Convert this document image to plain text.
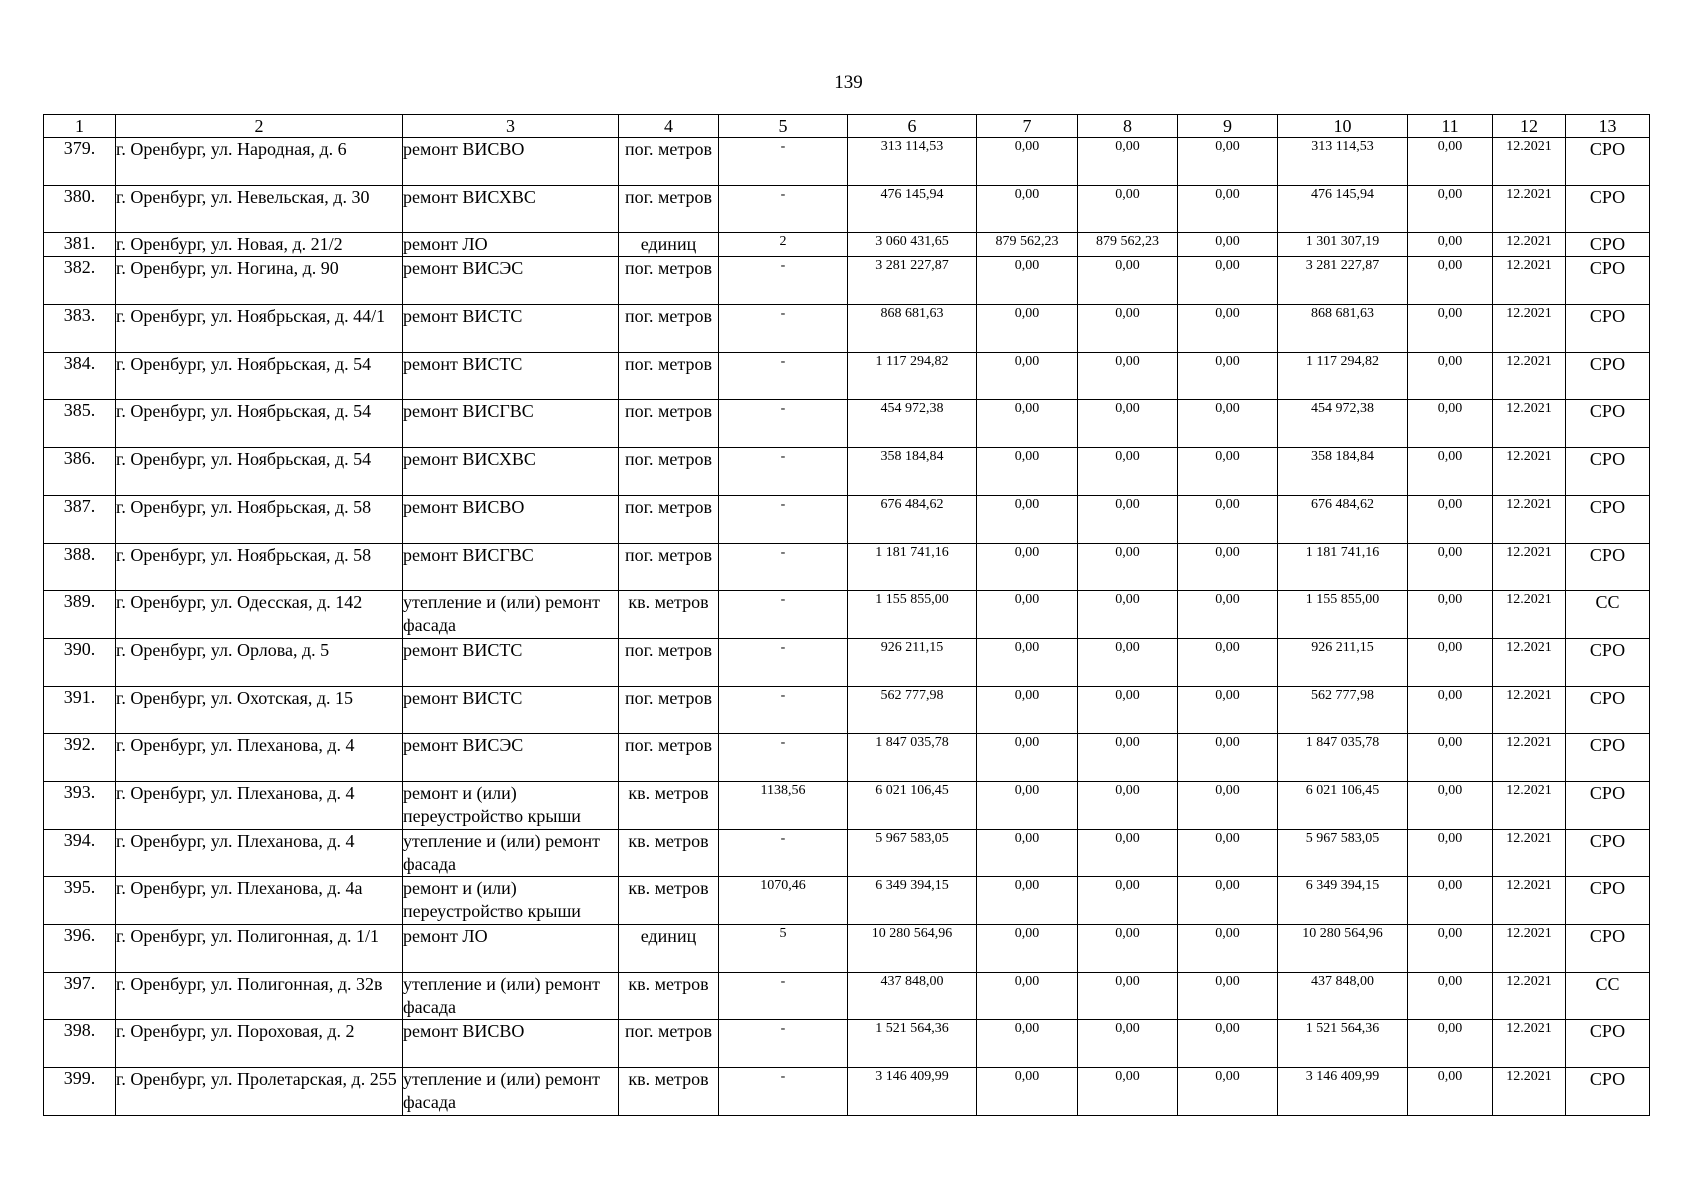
139
1	2	3	4	5	6	7	8	9	10	11	12	13
379.	г. Оренбург, ул. Народная, д. 6	ремонт ВИСВО	пог. метров	-	313 114,53	0,00	0,00	0,00	313 114,53	0,00	12.2021	СРО
380.	г. Оренбург, ул. Невельская, д. 30	ремонт ВИСХВС	пог. метров	-	476 145,94	0,00	0,00	0,00	476 145,94	0,00	12.2021	СРО
381.	г. Оренбург, ул. Новая, д. 21/2	ремонт ЛО	единиц	2	3 060 431,65	879 562,23	879 562,23	0,00	1 301 307,19	0,00	12.2021	СРО
382.	г. Оренбург, ул. Ногина, д. 90	ремонт ВИСЭС	пог. метров	-	3 281 227,87	0,00	0,00	0,00	3 281 227,87	0,00	12.2021	СРО
383.	г. Оренбург, ул. Ноябрьская, д. 44/1	ремонт ВИСТС	пог. метров	-	868 681,63	0,00	0,00	0,00	868 681,63	0,00	12.2021	СРО
384.	г. Оренбург, ул. Ноябрьская, д. 54	ремонт ВИСТС	пог. метров	-	1 117 294,82	0,00	0,00	0,00	1 117 294,82	0,00	12.2021	СРО
385.	г. Оренбург, ул. Ноябрьская, д. 54	ремонт ВИСГВС	пог. метров	-	454 972,38	0,00	0,00	0,00	454 972,38	0,00	12.2021	СРО
386.	г. Оренбург, ул. Ноябрьская, д. 54	ремонт ВИСХВС	пог. метров	-	358 184,84	0,00	0,00	0,00	358 184,84	0,00	12.2021	СРО
387.	г. Оренбург, ул. Ноябрьская, д. 58	ремонт ВИСВО	пог. метров	-	676 484,62	0,00	0,00	0,00	676 484,62	0,00	12.2021	СРО
388.	г. Оренбург, ул. Ноябрьская, д. 58	ремонт ВИСГВС	пог. метров	-	1 181 741,16	0,00	0,00	0,00	1 181 741,16	0,00	12.2021	СРО
389.	г. Оренбург, ул. Одесская, д. 142	утепление и (или) ремонт фасада	кв. метров	-	1 155 855,00	0,00	0,00	0,00	1 155 855,00	0,00	12.2021	СС
390.	г. Оренбург, ул. Орлова, д. 5	ремонт ВИСТС	пог. метров	-	926 211,15	0,00	0,00	0,00	926 211,15	0,00	12.2021	СРО
391.	г. Оренбург, ул. Охотская, д. 15	ремонт ВИСТС	пог. метров	-	562 777,98	0,00	0,00	0,00	562 777,98	0,00	12.2021	СРО
392.	г. Оренбург, ул. Плеханова, д. 4	ремонт ВИСЭС	пог. метров	-	1 847 035,78	0,00	0,00	0,00	1 847 035,78	0,00	12.2021	СРО
393.	г. Оренбург, ул. Плеханова, д. 4	ремонт и (или) переустройство крыши	кв. метров	1138,56	6 021 106,45	0,00	0,00	0,00	6 021 106,45	0,00	12.2021	СРО
394.	г. Оренбург, ул. Плеханова, д. 4	утепление и (или) ремонт фасада	кв. метров	-	5 967 583,05	0,00	0,00	0,00	5 967 583,05	0,00	12.2021	СРО
395.	г. Оренбург, ул. Плеханова, д. 4а	ремонт и (или) переустройство крыши	кв. метров	1070,46	6 349 394,15	0,00	0,00	0,00	6 349 394,15	0,00	12.2021	СРО
396.	г. Оренбург, ул. Полигонная, д. 1/1	ремонт ЛО	единиц	5	10 280 564,96	0,00	0,00	0,00	10 280 564,96	0,00	12.2021	СРО
397.	г. Оренбург, ул. Полигонная, д. 32в	утепление и (или) ремонт фасада	кв. метров	-	437 848,00	0,00	0,00	0,00	437 848,00	0,00	12.2021	СС
398.	г. Оренбург, ул. Пороховая, д. 2	ремонт ВИСВО	пог. метров	-	1 521 564,36	0,00	0,00	0,00	1 521 564,36	0,00	12.2021	СРО
399.	г. Оренбург, ул. Пролетарская, д. 255	утепление и (или) ремонт фасада	кв. метров	-	3 146 409,99	0,00	0,00	0,00	3 146 409,99	0,00	12.2021	СРО
